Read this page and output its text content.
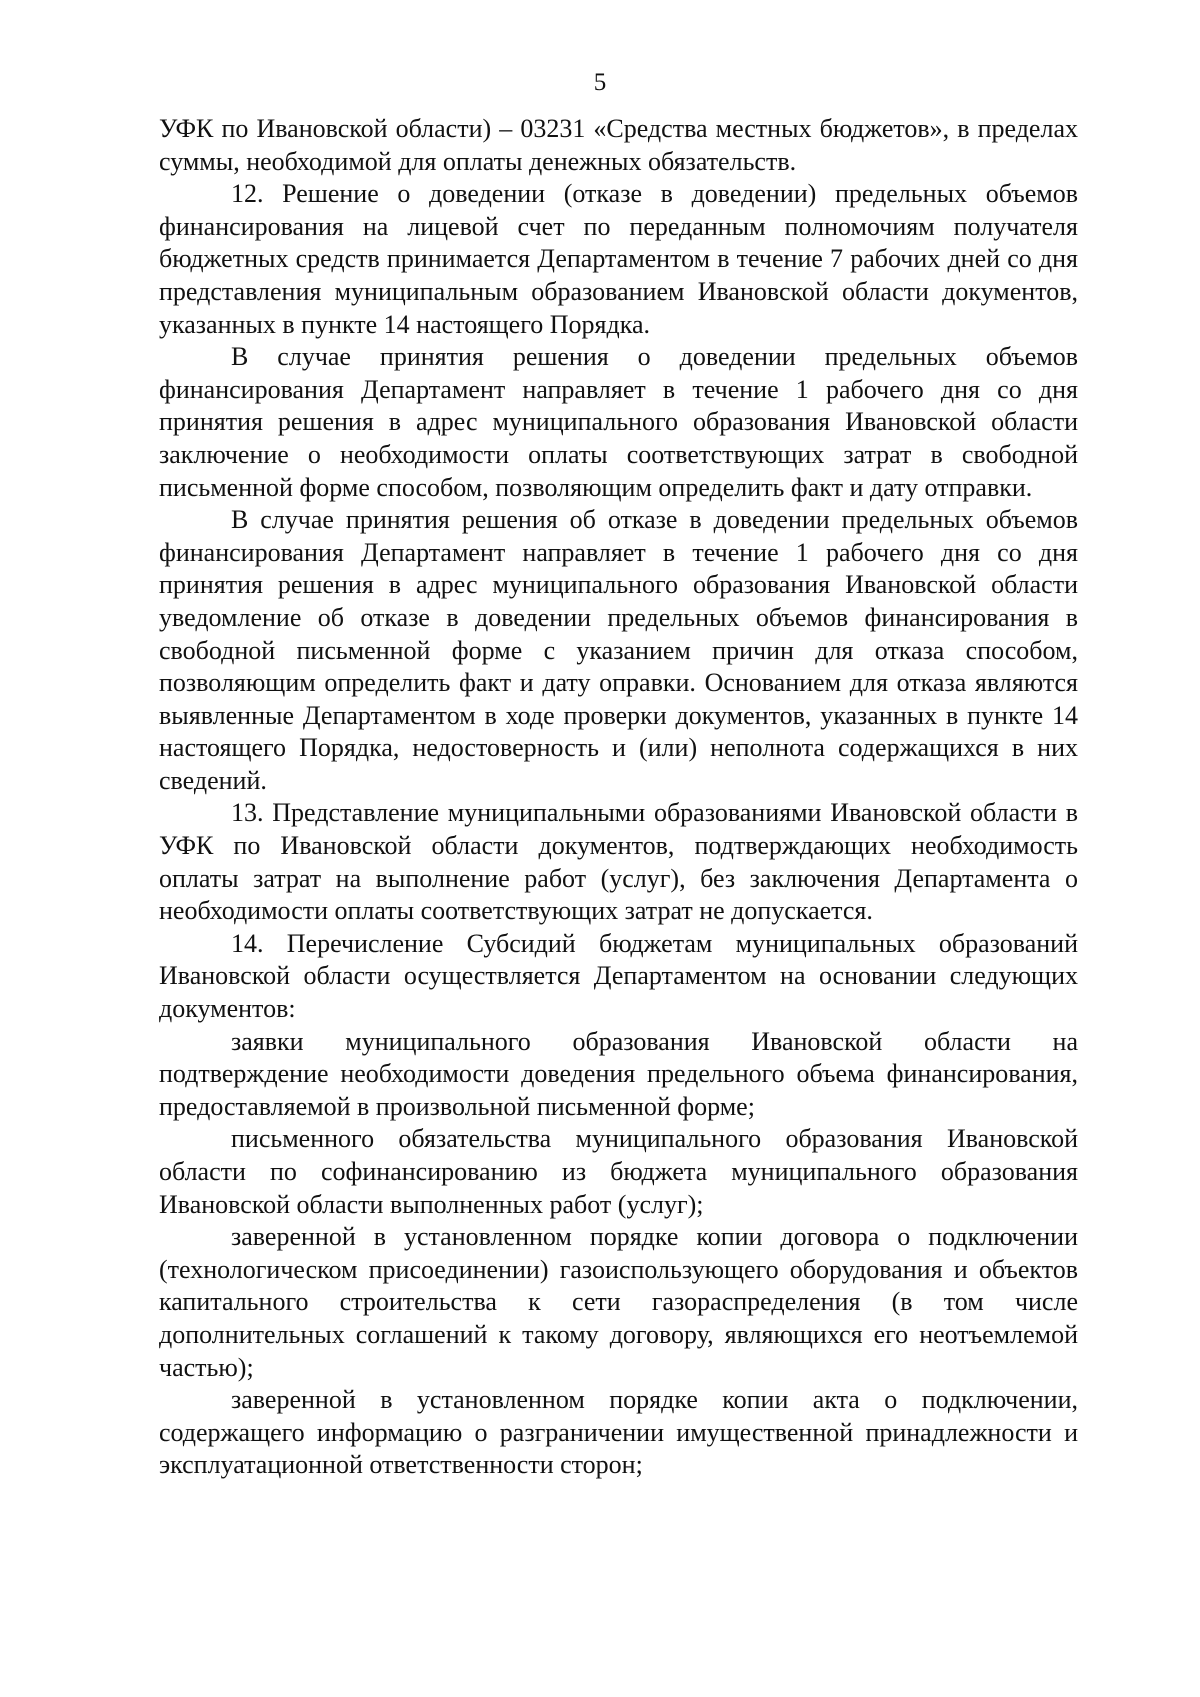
5

УФК по Ивановской области) – 03231 «Средства местных бюджетов», в пределах суммы, необходимой для оплаты денежных обязательств.

12. Решение о доведении (отказе в доведении) предельных объемов финансирования на лицевой счет по переданным полномочиям получателя бюджетных средств принимается Департаментом в течение 7 рабочих дней со дня представления муниципальным образованием Ивановской области документов, указанных в пункте 14 настоящего Порядка.

В случае принятия решения о доведении предельных объемов финансирования Департамент направляет в течение 1 рабочего дня со дня принятия решения в адрес муниципального образования Ивановской области заключение о необходимости оплаты соответствующих затрат в свободной письменной форме способом, позволяющим определить факт и дату отправки.

В случае принятия решения об отказе в доведении предельных объемов финансирования Департамент направляет в течение 1 рабочего дня со дня принятия решения в адрес муниципального образования Ивановской области уведомление об отказе в доведении предельных объемов финансирования в свободной письменной форме с указанием причин для отказа способом, позволяющим определить факт и дату оправки. Основанием для отказа являются выявленные Департаментом в ходе проверки документов, указанных в пункте 14 настоящего Порядка, недостоверность и (или) неполнота содержащихся в них сведений.

13. Представление муниципальными образованиями Ивановской области в УФК по Ивановской области документов, подтверждающих необходимость оплаты затрат на выполнение работ (услуг), без заключения Департамента о необходимости оплаты соответствующих затрат не допускается.

14. Перечисление Субсидий бюджетам муниципальных образований Ивановской области осуществляется Департаментом на основании следующих документов:

заявки муниципального образования Ивановской области на подтверждение необходимости доведения предельного объема финансирования, предоставляемой в произвольной письменной форме;

письменного обязательства муниципального образования Ивановской области по софинансированию из бюджета муниципального образования Ивановской области выполненных работ (услуг);

заверенной в установленном порядке копии договора о подключении (технологическом присоединении) газоиспользующего оборудования и объектов капитального строительства к сети газораспределения (в том числе дополнительных соглашений к такому договору, являющихся его неотъемлемой частью);

заверенной в установленном порядке копии акта о подключении, содержащего информацию о разграничении имущественной принадлежности и эксплуатационной ответственности сторон;
